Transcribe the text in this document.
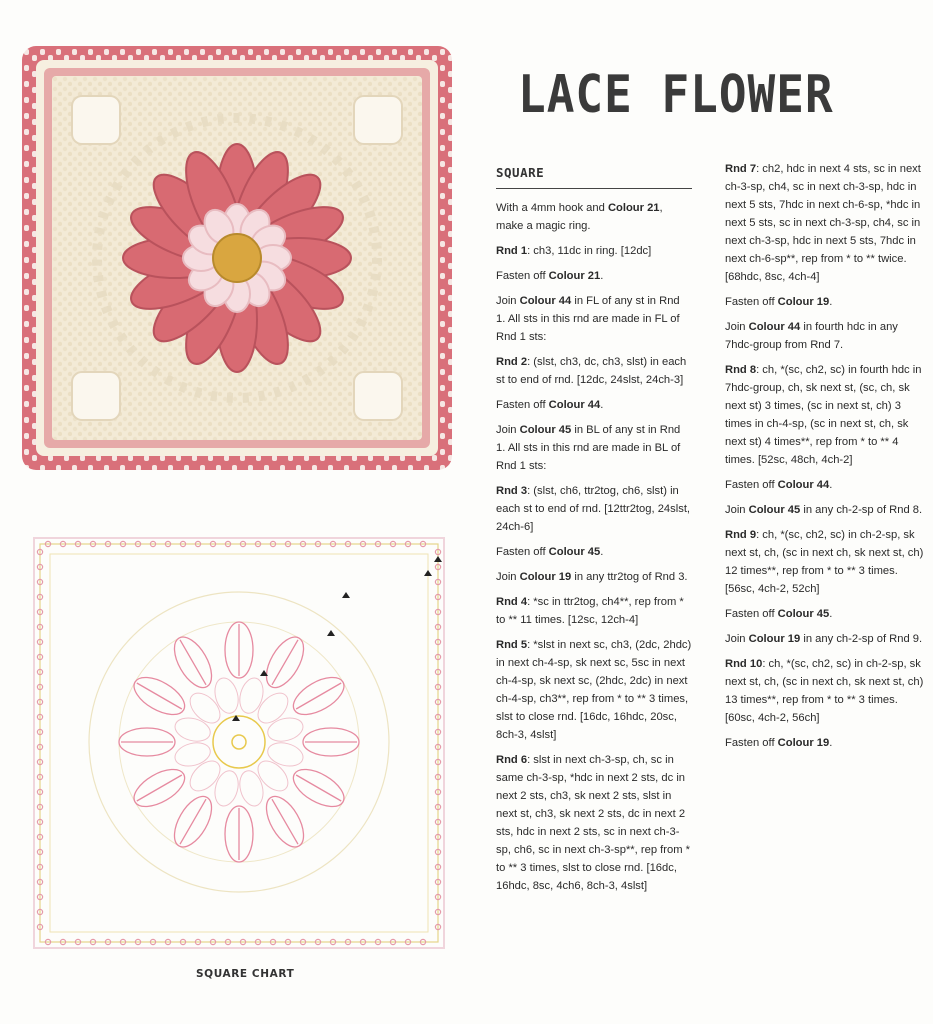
SQUARE CHART
LACE FLOWER
SQUARE
With a 4mm hook and Colour 21, make a magic ring.
Rnd 1: ch3, 11dc in ring. [12dc]
Fasten off Colour 21.
Join Colour 44 in FL of any st in Rnd 1. All sts in this rnd are made in FL of Rnd 1 sts:
Rnd 2: (slst, ch3, dc, ch3, slst) in each st to end of rnd. [12dc, 24slst, 24ch-3]
Fasten off Colour 44.
Join Colour 45 in BL of any st in Rnd 1. All sts in this rnd are made in BL of Rnd 1 sts:
Rnd 3: (slst, ch6, ttr2tog, ch6, slst) in each st to end of rnd. [12ttr2tog, 24slst, 24ch-6]
Fasten off Colour 45.
Join Colour 19 in any ttr2tog of Rnd 3.
Rnd 4: *sc in ttr2tog, ch4**, rep from * to ** 11 times. [12sc, 12ch-4]
Rnd 5: *slst in next sc, ch3, (2dc, 2hdc) in next ch-4-sp, sk next sc, 5sc in next ch-4-sp, sk next sc, (2hdc, 2dc) in next ch-4-sp, ch3**, rep from * to ** 3 times, slst to close rnd. [16dc, 16hdc, 20sc, 8ch-3, 4slst]
Rnd 6: slst in next ch-3-sp, ch, sc in same ch-3-sp, *hdc in next 2 sts, dc in next 2 sts, ch3, sk next 2 sts, slst in next st, ch3, sk next 2 sts, dc in next 2 sts, hdc in next 2 sts, sc in next ch-3-sp, ch6, sc in next ch-3-sp**, rep from * to ** 3 times, slst to close rnd. [16dc, 16hdc, 8sc, 4ch6, 8ch-3, 4slst]
Rnd 7: ch2, hdc in next 4 sts, sc in next ch-3-sp, ch4, sc in next ch-3-sp, hdc in next 5 sts, 7hdc in next ch-6-sp, *hdc in next 5 sts, sc in next ch-3-sp, ch4, sc in next ch-3-sp, hdc in next 5 sts, 7hdc in next ch-6-sp**, rep from * to ** twice. [68hdc, 8sc, 4ch-4]
Fasten off Colour 19.
Join Colour 44 in fourth hdc in any 7hdc-group from Rnd 7.
Rnd 8: ch, *(sc, ch2, sc) in fourth hdc in 7hdc-group, ch, sk next st, (sc, ch, sk next st) 3 times, (sc in next st, ch) 3 times in ch-4-sp, (sc in next st, ch, sk next st) 4 times**, rep from * to ** 4 times. [52sc, 48ch, 4ch-2]
Fasten off Colour 44.
Join Colour 45 in any ch-2-sp of Rnd 8.
Rnd 9: ch, *(sc, ch2, sc) in ch-2-sp, sk next st, ch, (sc in next ch, sk next st, ch) 12 times**, rep from * to ** 3 times. [56sc, 4ch-2, 52ch]
Fasten off Colour 45.
Join Colour 19 in any ch-2-sp of Rnd 9.
Rnd 10: ch, *(sc, ch2, sc) in ch-2-sp, sk next st, ch, (sc in next ch, sk next st, ch) 13 times**, rep from * to ** 3 times. [60sc, 4ch-2, 56ch]
Fasten off Colour 19.
